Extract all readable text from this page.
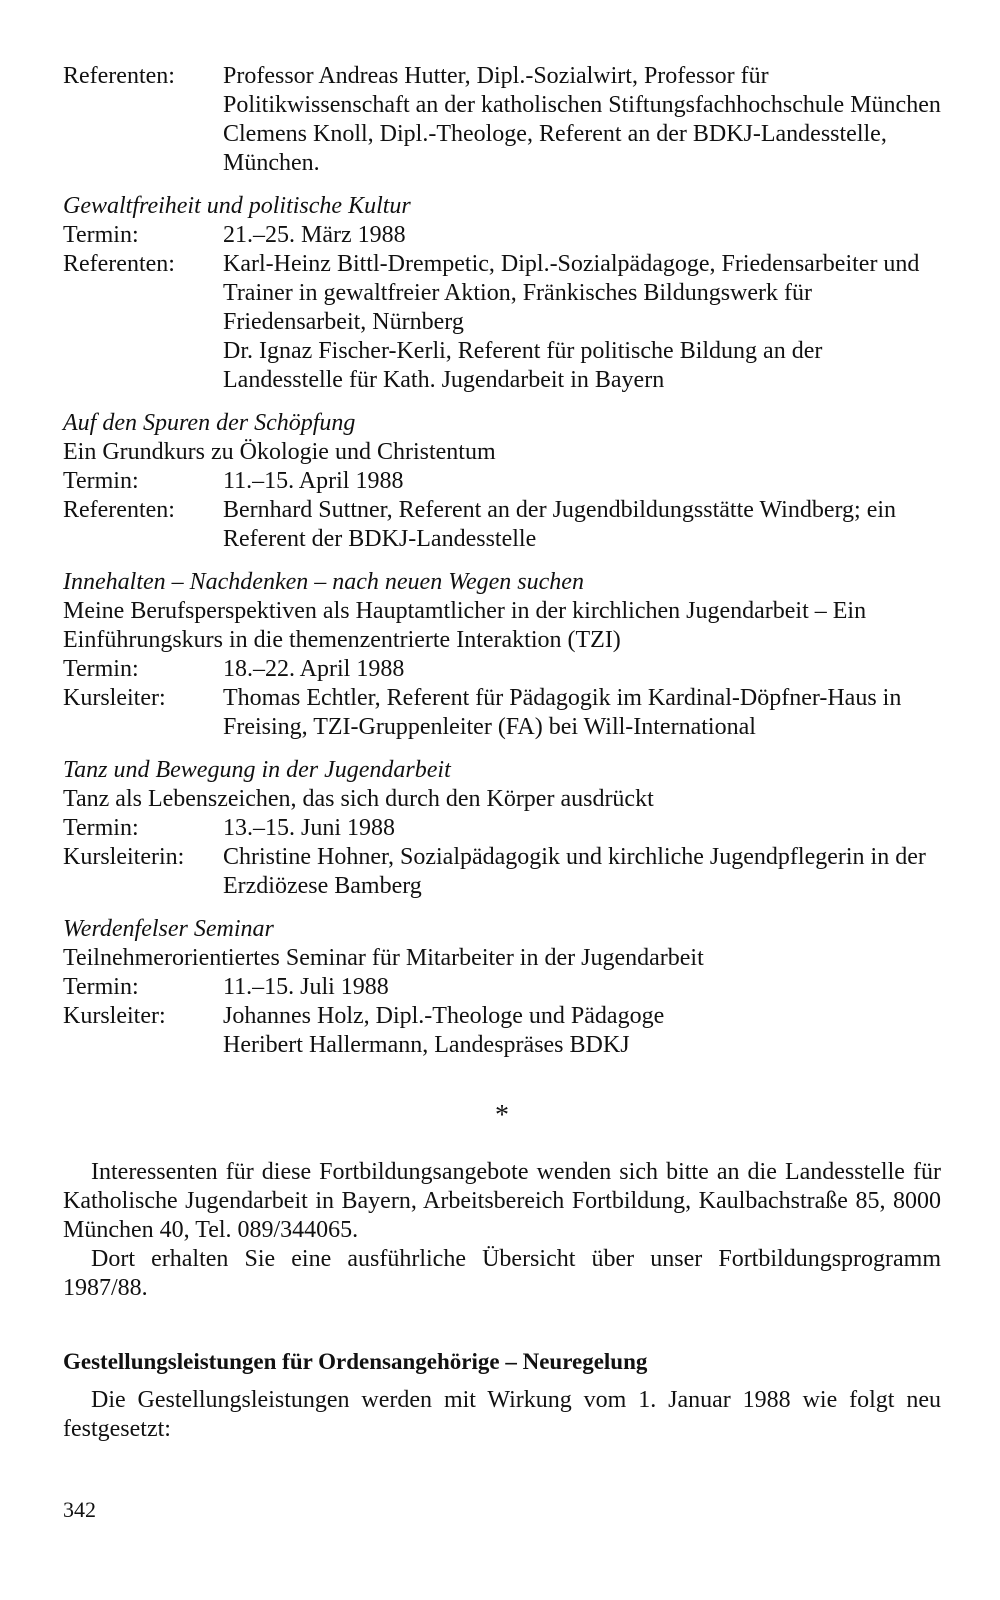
Referenten:	Professor Andreas Hutter, Dipl.-Sozialwirt, Professor für Politikwissenschaft an der katholischen Stiftungsfachhochschule München
Clemens Knoll, Dipl.-Theologe, Referent an der BDKJ-Landesstelle, München.
Gewaltfreiheit und politische Kultur
Termin:	21.–25. März 1988
Referenten:	Karl-Heinz Bittl-Drempetic, Dipl.-Sozialpädagoge, Friedensarbeiter und Trainer in gewaltfreier Aktion, Fränkisches Bildungswerk für Friedensarbeit, Nürnberg
Dr. Ignaz Fischer-Kerli, Referent für politische Bildung an der Landesstelle für Kath. Jugendarbeit in Bayern
Auf den Spuren der Schöpfung
Ein Grundkurs zu Ökologie und Christentum
Termin:	11.–15. April 1988
Referenten:	Bernhard Suttner, Referent an der Jugendbildungsstätte Windberg; ein Referent der BDKJ-Landesstelle
Innehalten – Nachdenken – nach neuen Wegen suchen
Meine Berufsperspektiven als Hauptamtlicher in der kirchlichen Jugendarbeit – Ein Einführungskurs in die themenzentrierte Interaktion (TZI)
Termin:	18.–22. April 1988
Kursleiter:	Thomas Echtler, Referent für Pädagogik im Kardinal-Döpfner-Haus in Freising, TZI-Gruppenleiter (FA) bei Will-International
Tanz und Bewegung in der Jugendarbeit
Tanz als Lebenszeichen, das sich durch den Körper ausdrückt
Termin:	13.–15. Juni 1988
Kursleiterin:	Christine Hohner, Sozialpädagogik und kirchliche Jugendpflegerin in der Erzdiözese Bamberg
Werdenfelser Seminar
Teilnehmerorientiertes Seminar für Mitarbeiter in der Jugendarbeit
Termin:	11.–15. Juli 1988
Kursleiter:	Johannes Holz, Dipl.-Theologe und Pädagoge
Heribert Hallermann, Landespräses BDKJ
*

Interessenten für diese Fortbildungsangebote wenden sich bitte an die Landesstelle für Katholische Jugendarbeit in Bayern, Arbeitsbereich Fortbildung, Kaulbachstraße 85, 8000 München 40, Tel. 089/344065.

Dort erhalten Sie eine ausführliche Übersicht über unser Fortbildungsprogramm 1987/88.

Gestellungsleistungen für Ordensangehörige – Neuregelung
Die Gestellungsleistungen werden mit Wirkung vom 1. Januar 1988 wie folgt neu festgesetzt:
342
